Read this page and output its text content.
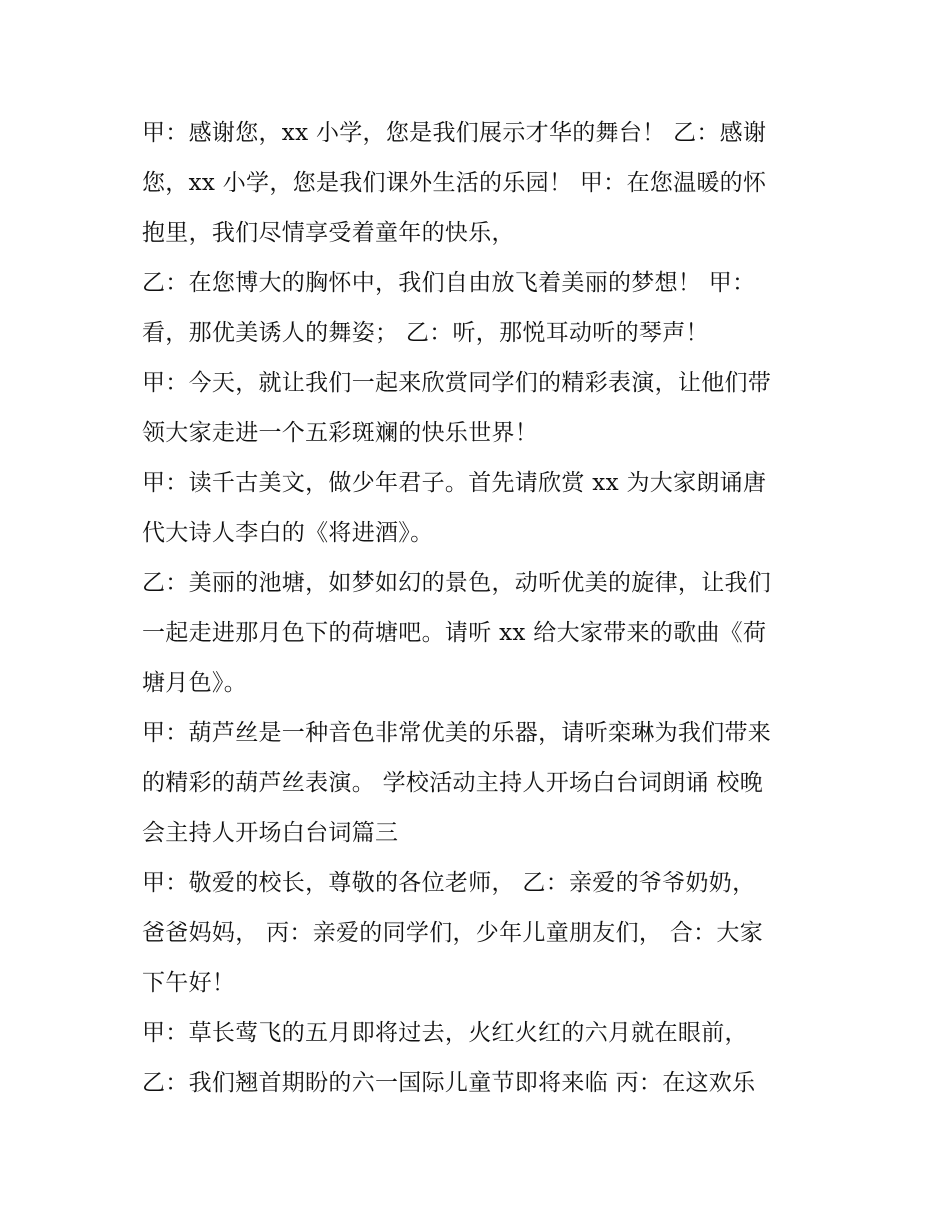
甲：感谢您，xx 小学，您是我们展示才华的舞台！ 乙：感谢
您，xx 小学，您是我们课外生活的乐园！ 甲：在您温暖的怀
抱里，我们尽情享受着童年的快乐，
乙：在您博大的胸怀中，我们自由放飞着美丽的梦想！ 甲：
看，那优美诱人的舞姿； 乙：听，那悦耳动听的琴声！
甲：今天，就让我们一起来欣赏同学们的精彩表演，让他们带
领大家走进一个五彩斑斓的快乐世界！
甲：读千古美文，做少年君子。首先请欣赏 xx 为大家朗诵唐
代大诗人李白的《将进酒》。
乙：美丽的池塘，如梦如幻的景色，动听优美的旋律，让我们
一起走进那月色下的荷塘吧。请听 xx 给大家带来的歌曲《荷
塘月色》。
甲：葫芦丝是一种音色非常优美的乐器，请听栾琳为我们带来
的精彩的葫芦丝表演。 学校活动主持人开场白台词朗诵 校晚
会主持人开场白台词篇三
甲：敬爱的校长，尊敬的各位老师， 乙：亲爱的爷爷奶奶，
爸爸妈妈， 丙：亲爱的同学们，少年儿童朋友们， 合：大家
下午好！
甲：草长莺飞的五月即将过去，火红火红的六月就在眼前，
乙：我们翘首期盼的六一国际儿童节即将来临 丙：在这欢乐
